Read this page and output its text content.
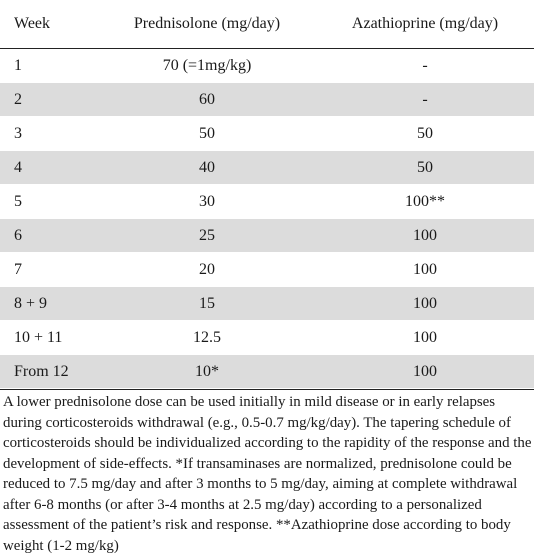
Week	Prednisolone (mg/day)	Azathioprine (mg/day)
1	70 (=1mg/kg)	-
2	60	-
3	50	50
4	40	50
5	30	100**
6	25	100
7	20	100
8 + 9	15	100
10 + 11	12.5	100
From 12	10*	100

A lower prednisolone dose can be used initially in mild disease or in early relapses during corticosteroids withdrawal (e.g., 0.5-0.7 mg/kg/day). The tapering schedule of corticosteroids should be individualized according to the rapidity of the response and the development of side-effects. *If transaminases are normalized, prednisolone could be reduced to 7.5 mg/day and after 3 months to 5 mg/day, aiming at complete withdrawal after 6-8 months (or after 3-4 months at 2.5 mg/day) according to a personalized assessment of the patient’s risk and response. **Azathioprine dose according to body weight (1-2 mg/kg)
